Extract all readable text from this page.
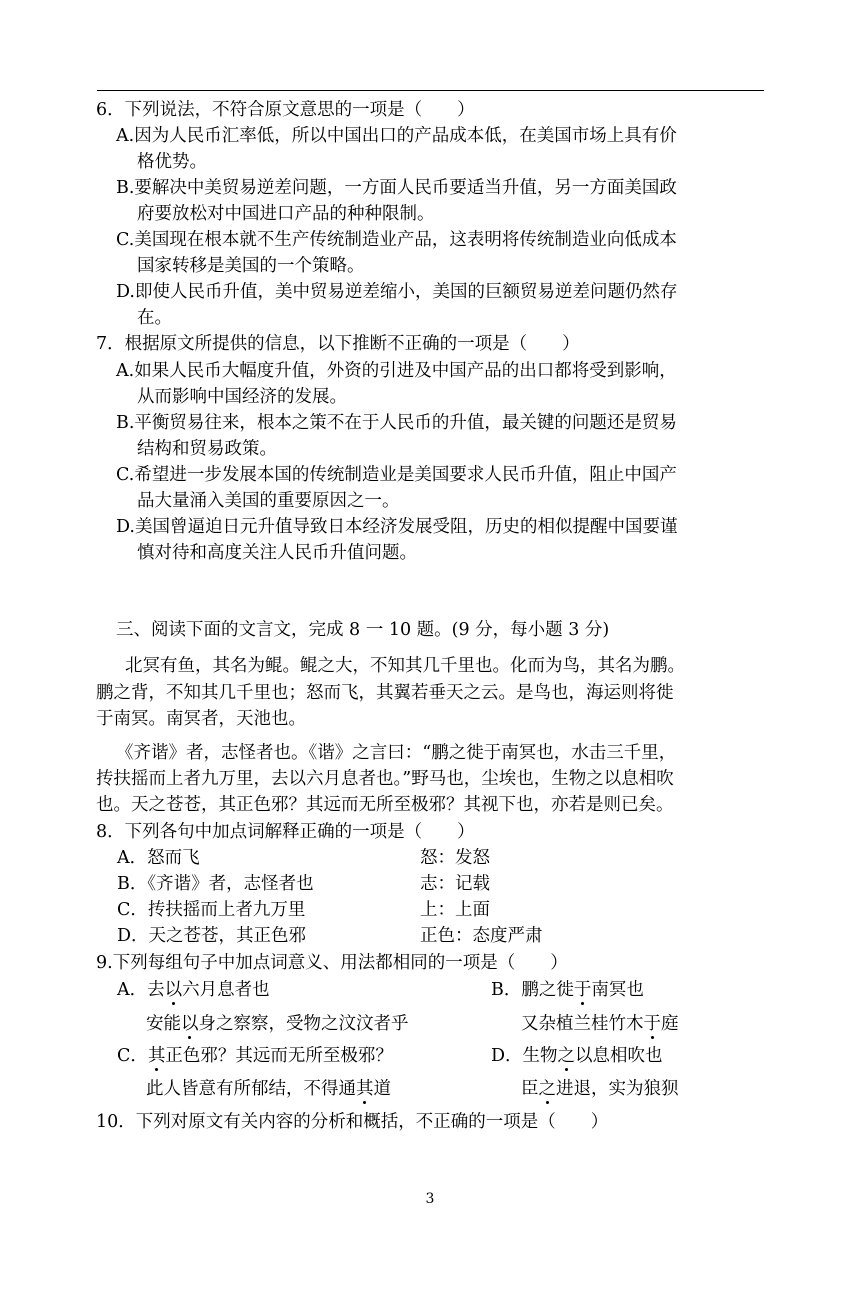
6．下列说法，不符合原文意思的一项是（　　）
A.因为人民币汇率低，所以中国出口的产品成本低，在美国市场上具有价
格优势。
B.要解决中美贸易逆差问题，一方面人民币要适当升值，另一方面美国政
府要放松对中国进口产品的种种限制。
C.美国现在根本就不生产传统制造业产品，这表明将传统制造业向低成本
国家转移是美国的一个策略。
D.即使人民币升值，美中贸易逆差缩小，美国的巨额贸易逆差问题仍然存
在。
7．根据原文所提供的信息，以下推断不正确的一项是（　　）
A.如果人民币大幅度升值，外资的引进及中国产品的出口都将受到影响，
从而影响中国经济的发展。
B.平衡贸易往来，根本之策不在于人民币的升值，最关键的问题还是贸易
结构和贸易政策。
C.希望进一步发展本国的传统制造业是美国要求人民币升值，阻止中国产
品大量涌入美国的重要原因之一。
D.美国曾逼迫日元升值导致日本经济发展受阻，历史的相似提醒中国要谨
慎对待和高度关注人民币升值问题。
三、阅读下面的文言文，完成 8 一 10 题。(9 分，每小题 3 分)
北冥有鱼，其名为鲲。鲲之大，不知其几千里也。化而为鸟，其名为鹏。
鹏之背，不知其几千里也；怒而飞，其翼若垂天之云。是鸟也，海运则将徙
于南冥。南冥者，天池也。
《齐谐》者，志怪者也。《谐》之言曰：“鹏之徙于南冥也，水击三千里，
抟扶摇而上者九万里，去以六月息者也。”野马也，尘埃也，生物之以息相吹
也。天之苍苍，其正色邪？其远而无所至极邪？其视下也，亦若是则已矣。
8．下列各句中加点词解释正确的一项是（　　）
A．怒而飞	怒：发怒
B．《齐谐》者，志怪者也	志：记载
C．抟扶摇而上者九万里	上：上面
D．天之苍苍，其正色邪	正色：态度严肃
9.下列每组句子中加点词意义、用法都相同的一项是（　　）
A．去以六月息者也
安能以身之察察，受物之汶汶者乎
B．鹏之徙于南冥也
又杂植兰桂竹木于庭
C．其正色邪？其远而无所至极邪？
此人皆意有所郁结，不得通其道
D．生物之以息相吹也
臣之进退，实为狼狈
10．下列对原文有关内容的分析和概括，不正确的一项是（　　）
3
